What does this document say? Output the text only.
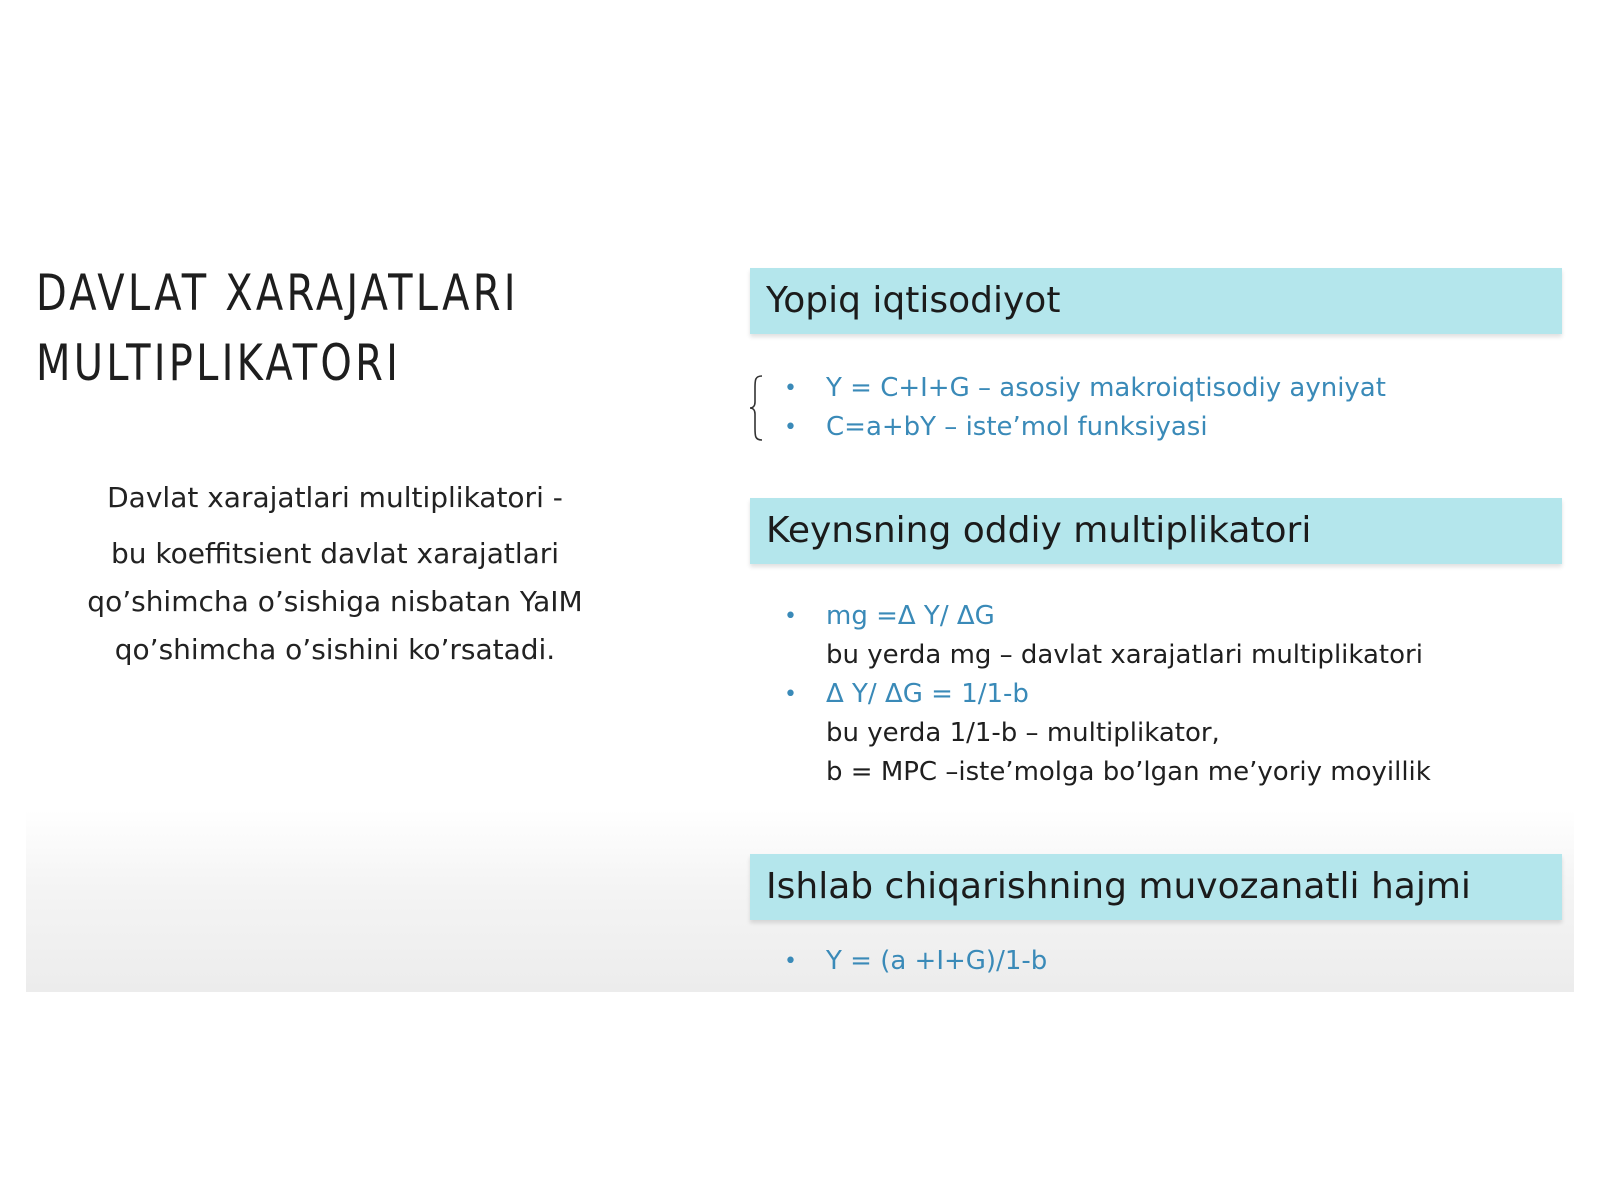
DAVLAT XARAJATLARI
MULTIPLIKATORI
Davlat xarajatlari multiplikatori -
bu koeffitsient davlat xarajatlari
qo’shimcha o’sishiga nisbatan YaIM
qo’shimcha o’sishini ko’rsatadi.
Yopiq iqtisodiyot
• Y = C+I+G – asosiy makroiqtisodiy ayniyat
• C=a+bY – iste’mol funksiyasi
Keynsning oddiy multiplikatori
• mg =Δ Y/ ΔG
bu yerda mg – davlat xarajatlari multiplikatori
• Δ Y/ ΔG = 1/1-b
bu yerda 1/1-b – multiplikator,
b = MPC –iste’molga bo’lgan me’yoriy moyillik
Ishlab chiqarishning muvozanatli hajmi
• Y = (a +I+G)/1-b
